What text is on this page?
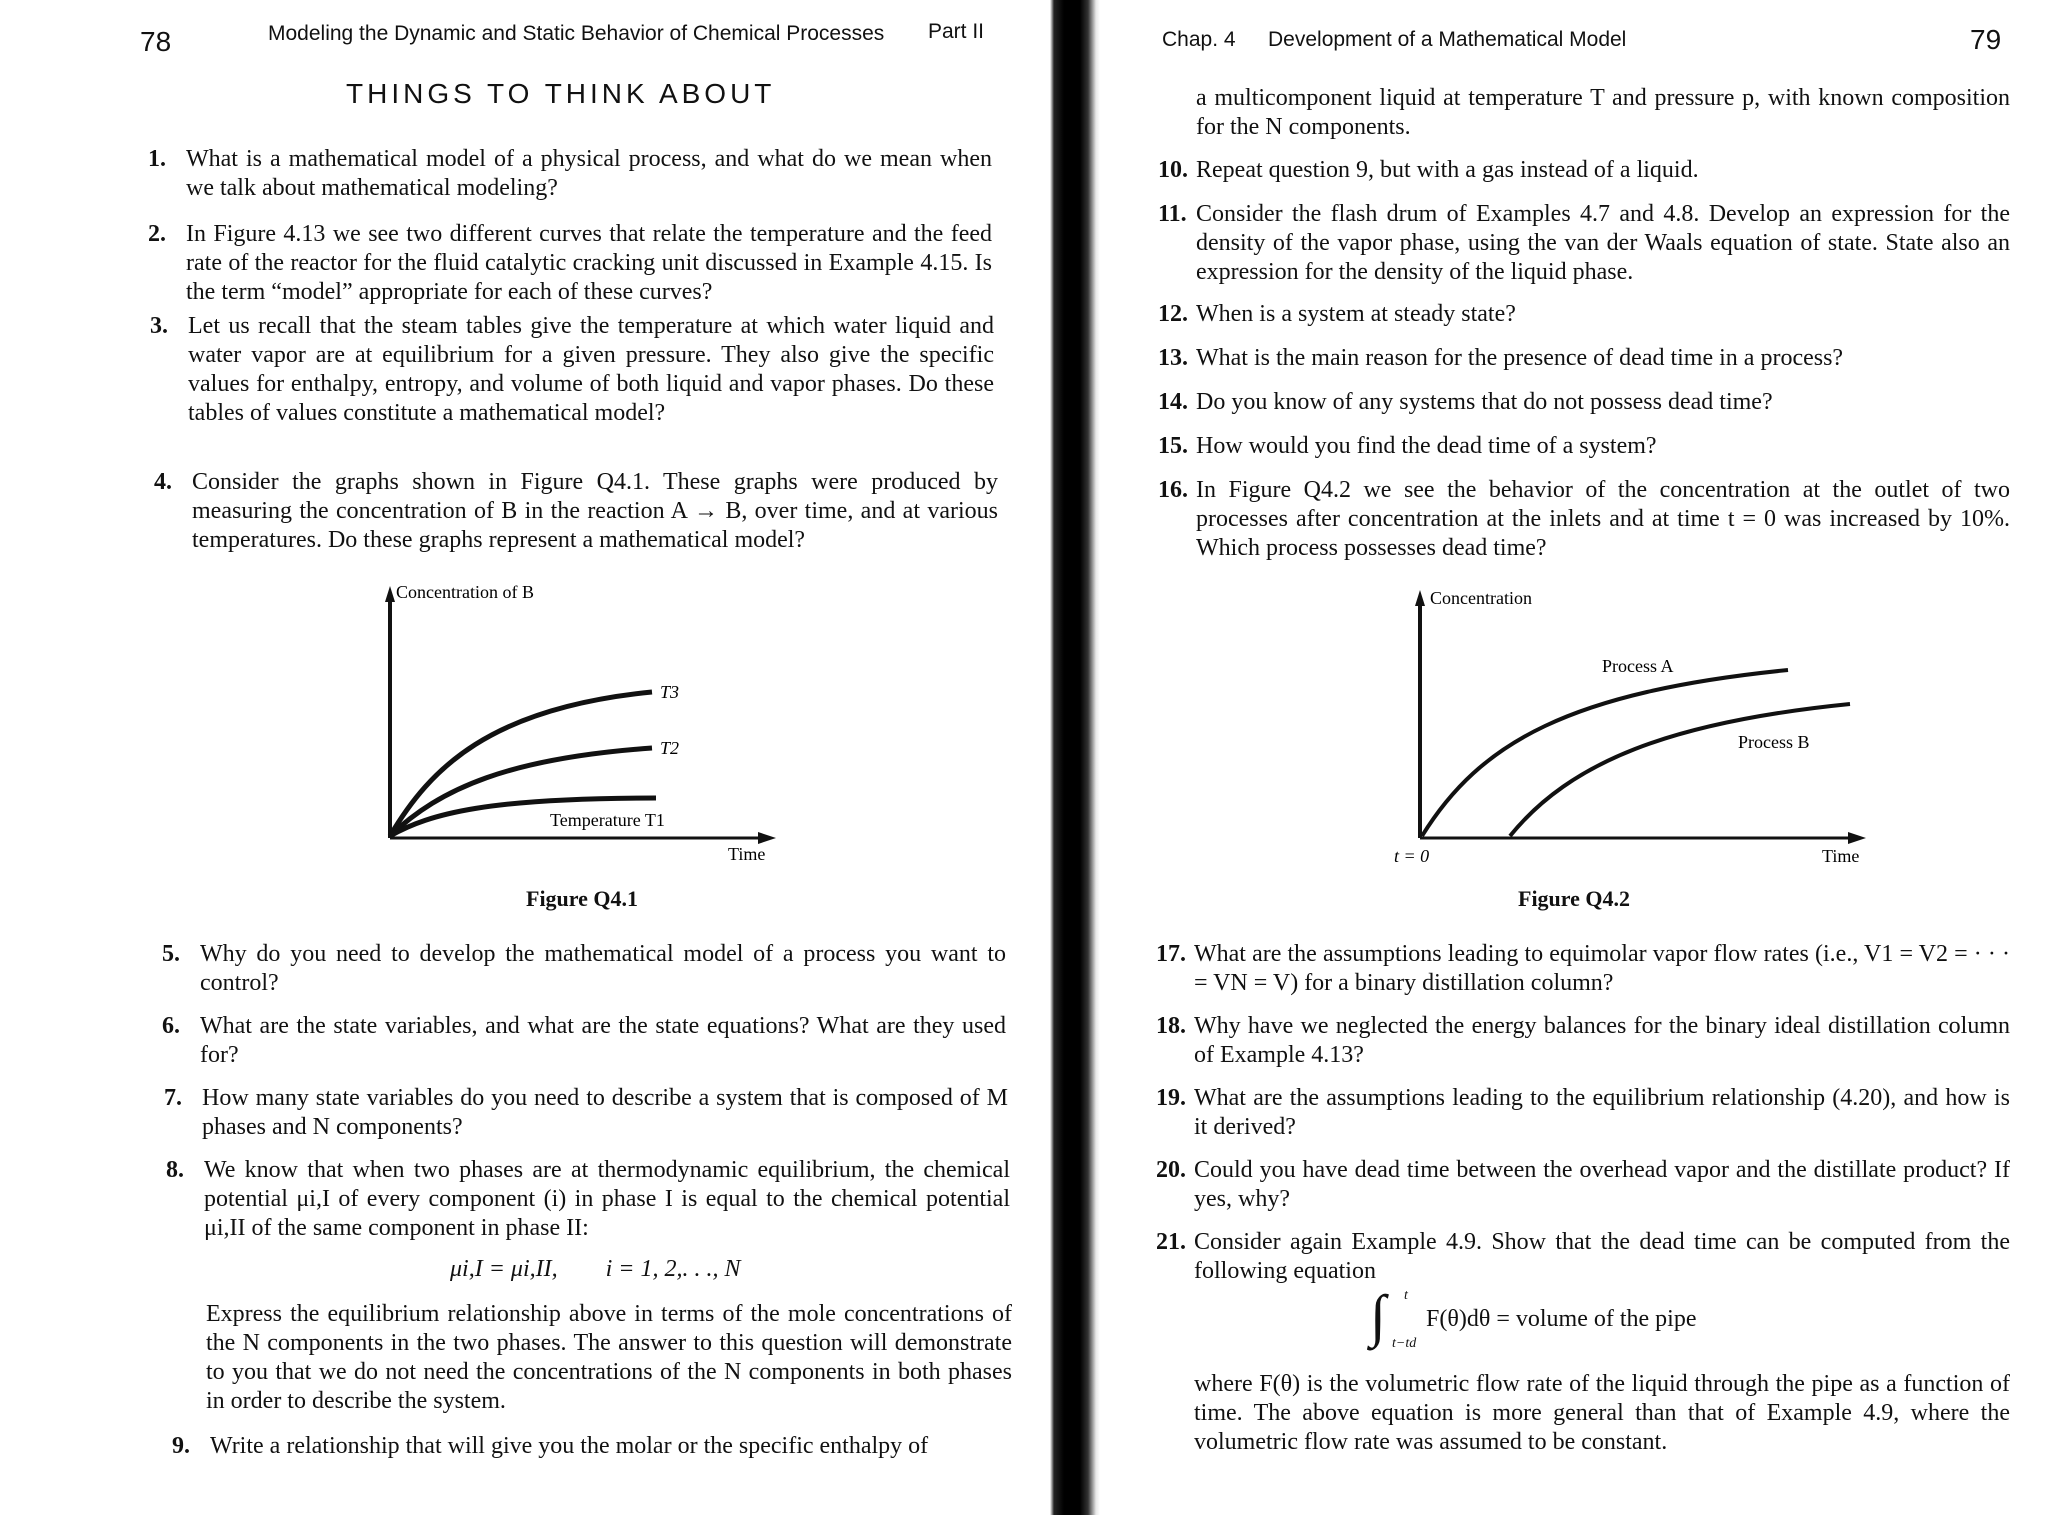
78	Modeling the Dynamic and Static Behavior of Chemical Processes Part II
THINGS TO THINK ABOUT
1. What is a mathematical model of a physical process, and what do we mean when we talk about mathematical modeling?
2. In Figure 4.13 we see two different curves that relate the temperature and the feed rate of the reactor for the fluid catalytic cracking unit discussed in Example 4.15. Is the term “model” appropriate for each of these curves?
3. Let us recall that the steam tables give the temperature at which water liquid and water vapor are at equilibrium for a given pressure. They also give the specific values for enthalpy, entropy, and volume of both liquid and vapor phases. Do these tables of values constitute a mathematical model?
4. Consider the graphs shown in Figure Q4.1. These graphs were produced by measuring the concentration of B in the reaction A → B, over time, and at various temperatures. Do these graphs represent a mathematical model?
Concentration of B
Time
T3
T2
Temperature T1
Figure Q4.1
5. Why do you need to develop the mathematical model of a process you want to control?
6. What are the state variables, and what are the state equations? What are they used for?
7. How many state variables do you need to describe a system that is composed of M phases and N components?
8. We know that when two phases are at thermodynamic equilibrium, the chemical potential μi,I of every component (i) in phase I is equal to the chemical potential μi,II of the same component in phase II:
μi,I = μi,II,        i = 1, 2,. . ., N
Express the equilibrium relationship above in terms of the mole concentrations of the N components in the two phases. The answer to this question will demonstrate to you that we do not need the concentrations of the N components in both phases in order to describe the system.
9. Write a relationship that will give you the molar or the specific enthalpy of
Chap. 4 Development of a Mathematical Model	79
a multicomponent liquid at temperature T and pressure p, with known composition for the N components.
10. Repeat question 9, but with a gas instead of a liquid.
11. Consider the flash drum of Examples 4.7 and 4.8. Develop an expression for the density of the vapor phase, using the van der Waals equation of state. State also an expression for the density of the liquid phase.
12. When is a system at steady state?
13. What is the main reason for the presence of dead time in a process?
14. Do you know of any systems that do not possess dead time?
15. How would you find the dead time of a system?
16. In Figure Q4.2 we see the behavior of the concentration at the outlet of two processes after concentration at the inlets and at time t = 0 was increased by 10%. Which process possesses dead time?
Concentration
Time
t = 0
Process A
Process B
Figure Q4.2
17. What are the assumptions leading to equimolar vapor flow rates (i.e., V1 = V2 = · · · = VN = V) for a binary distillation column?
18. Why have we neglected the energy balances for the binary ideal distillation column of Example 4.13?
19. What are the assumptions leading to the equilibrium relationship (4.20), and how is it derived?
20. Could you have dead time between the overhead vapor and the distillate product? If yes, why?
21. Consider again Example 4.9. Show that the dead time can be computed from the following equation
∫ t
t−td
F(θ)dθ = volume of the pipe
where F(θ) is the volumetric flow rate of the liquid through the pipe as a function of time. The above equation is more general than that of Example 4.9, where the volumetric flow rate was assumed to be constant.
